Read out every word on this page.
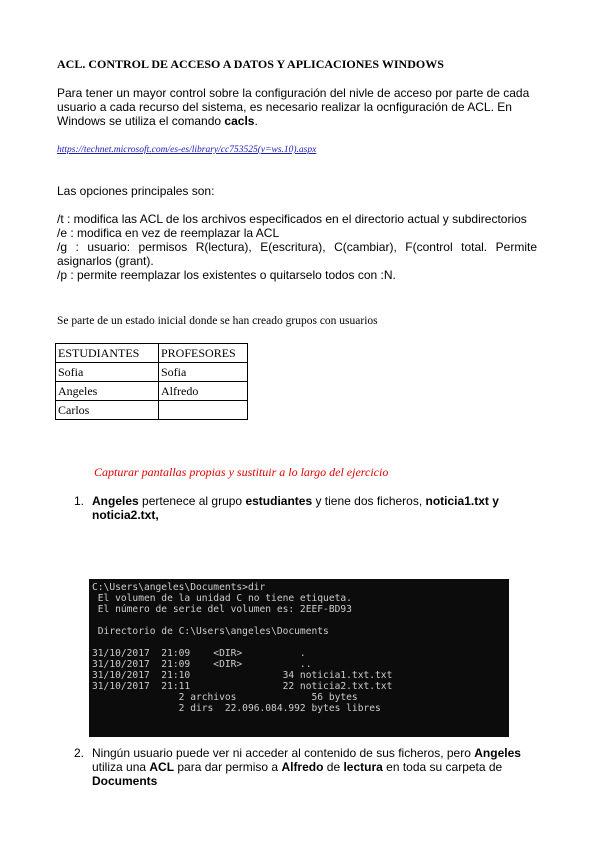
ACL. CONTROL DE ACCESO A DATOS Y APLICACIONES WINDOWS
Para tener un mayor control sobre la configuración del nivle de acceso por parte de cada usuario a cada recurso del sistema, es necesario realizar la ocnfiguración de ACL. En Windows se utiliza el comando cacls.
https://technet.microsoft.com/es-es/library/cc753525(v=ws.10).aspx
Las opciones principales son:
/t : modifica las ACL de los archivos especificados en el directorio actual y subdirectorios
/e : modifica en vez de reemplazar la ACL
/g : usuario: permisos R(lectura), E(escritura), C(cambiar), F(control total. Permite asignarlos (grant).
/p : permite reemplazar los existentes o quitarselo todos con :N.
Se parte de un estado inicial donde se han creado grupos con usuarios
ESTUDIANTES	PROFESORES
Sofia	Sofia
Angeles	Alfredo
Carlos	
Capturar pantallas propias y sustituir a lo largo del ejercicio
1. Angeles pertenece al grupo estudiantes y tiene dos ficheros, noticia1.txt y noticia2.txt,
C:\Users\angeles\Documents>dir
El volumen de la unidad C no tiene etiqueta.
El número de serie del volumen es: 2EEF-BD93

Directorio de C:\Users\angeles\Documents

31/10/2017  21:09    <DIR>          .
31/10/2017  21:09    <DIR>          ..
31/10/2017  21:10                34 noticia1.txt.txt
31/10/2017  21:11                22 noticia2.txt.txt
2 archivos             56 bytes
2 dirs  22.096.084.992 bytes libres
2. Ningún usuario puede ver ni acceder al contenido de sus ficheros, pero Angeles utiliza una ACL para dar permiso a Alfredo de lectura en toda su carpeta de Documents
